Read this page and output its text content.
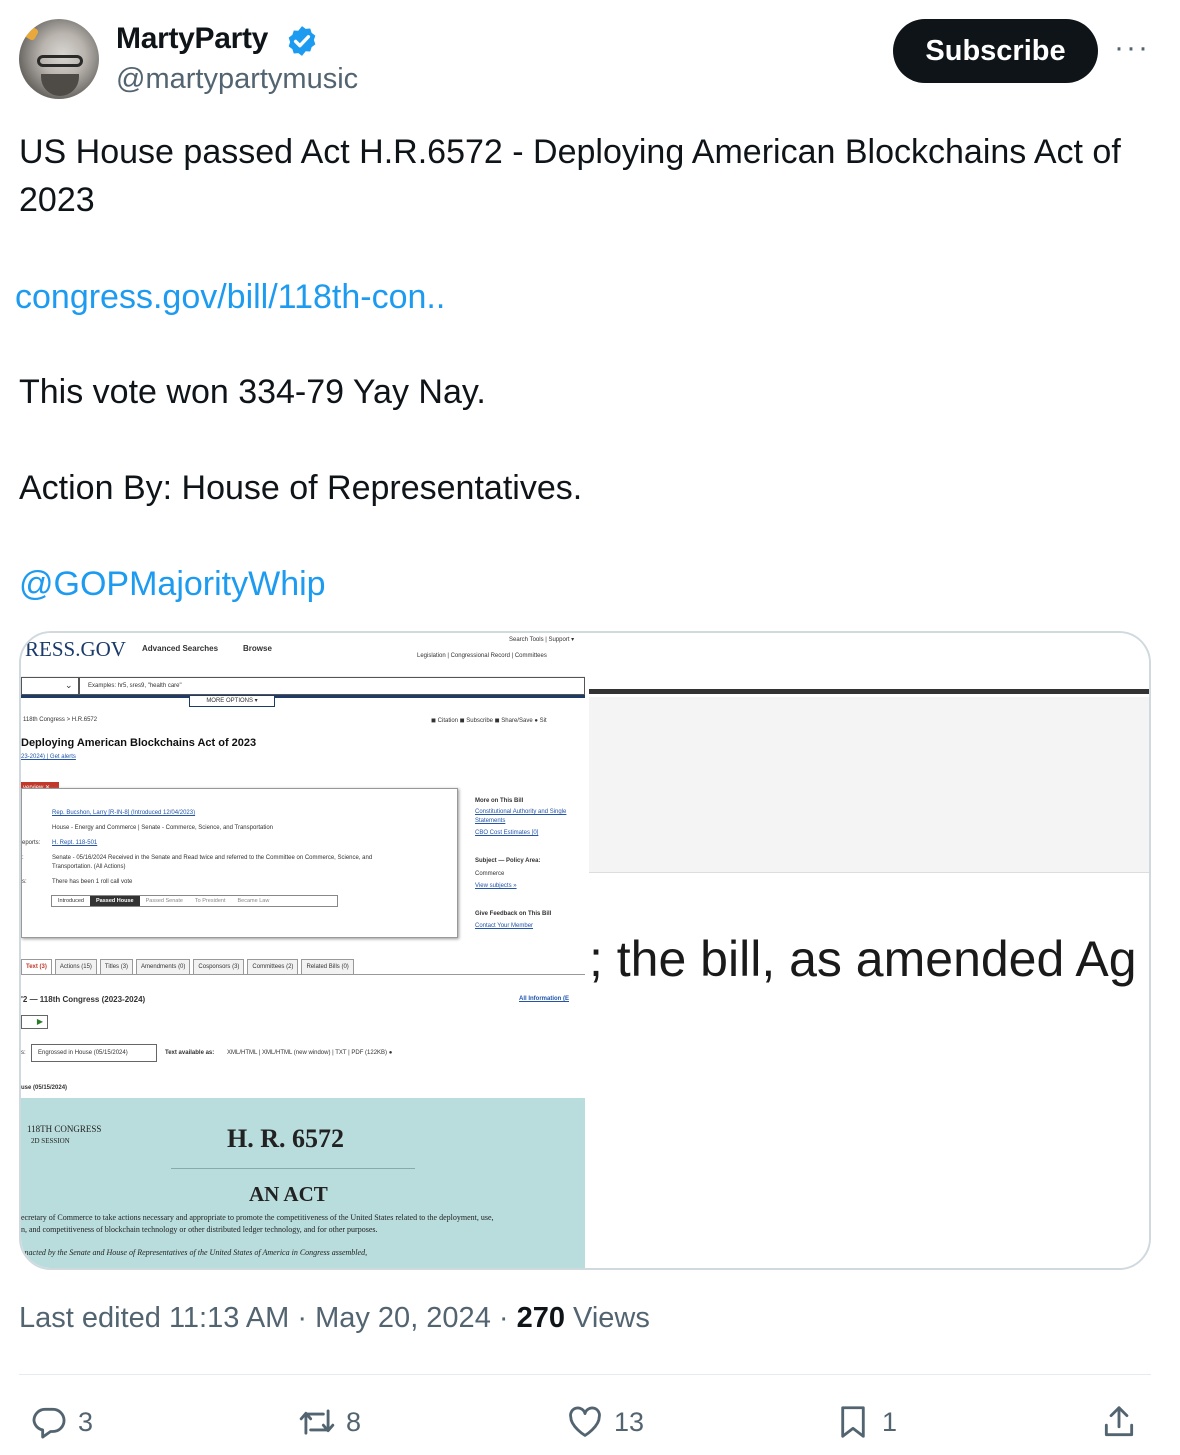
MartyParty
@martypartymusic
Subscribe	···
US House passed Act H.R.6572 - Deploying American Blockchains Act of
2023
congress.gov/bill/118th-con..
This vote won 334-79 Yay Nay.
Action By: House of Representatives.
@GOPMajorityWhip
RESS.GOV Advanced Searches	Browse
Search Tools | Support ▾
Legislation | Congressional Record | Committees
⌄	Examples: hr5, sres9, "health care"
MORE OPTIONS ▾
118th Congress > H.R.6572	◼ Citation ◼ Subscribe ◼ Share/Save ● Sit
Deploying American Blockchains Act of 2023
23-2024) | Get alerts
Rep. Bucshon, Larry [R-IN-8] (Introduced 12/04/2023)
House - Energy and Commerce | Senate - Commerce, Science, and Transportation
eports: H. Rept. 118-501
:	Senate - 05/16/2024 Received in the Senate and Read twice and referred to the Committee on Commerce, Science, and
Transportation. (All Actions)
s:	There has been 1 roll call vote
Introduced	Passed House	Passed Senate	To President	Became Law
More on This Bill
Constitutional Authority and Single
Statements
CBO Cost Estimates [0]
Subject — Policy Area:
Commerce
View subjects »
Give Feedback on This Bill
Contact Your Member
Text (3)	Actions (15)	Titles (3)	Amendments (0)	Cosponsors (3)	Committees (2)	Related Bills (0)
'2 — 118th Congress (2023-2024)	All Information (E
▶
s:	Engrossed in House (05/15/2024)	Text available as: XML/HTML | XML/HTML (new window) | TXT | PDF (122KB) ●
use (05/15/2024)
118TH CONGRESS
2D SESSION	H. R. 6572
AN ACT
ecretary of Commerce to take actions necessary and appropriate to promote the competitiveness of the United States related to the deployment, use,
n, and competitiveness of blockchain technology or other distributed ledger technology, and for other purposes.
enacted by the Senate and House of Representatives of the United States of America in Congress assembled,
; the bill, as amended Ag
Last edited 11:13 AM · May 20, 2024 · 270 Views
3	8	13	1
